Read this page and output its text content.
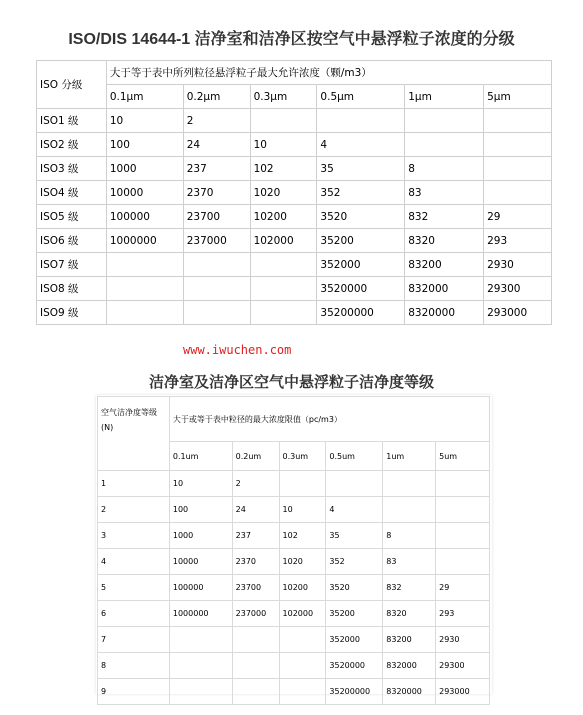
ISO/DIS 14644-1 洁净室和洁净区按空气中悬浮粒子浓度的分级
ISO 分级	大于等于表中所列粒径悬浮粒子最大允许浓度（颗/m3）					
	0.1μm	0.2μm	0.3μm	0.5μm	1μm	5μm
ISO1 级	10	2				
ISO2 级	100	24	10	4		
ISO3 级	1000	237	102	35	8	
ISO4 级	10000	2370	1020	352	83	
ISO5 级	100000	23700	10200	3520	832	29
ISO6 级	1000000	237000	102000	35200	8320	293
ISO7 级				352000	83200	2930
ISO8 级				3520000	832000	29300
ISO9 级				35200000	8320000	293000
www.iwuchen.com
洁净室及洁净区空气中悬浮粒子洁净度等级
空气洁净度等级
(N)	大于或等于表中粒径的最大浓度限值（pc/m3）					
	0.1um	0.2um	0.3um	0.5um	1um	5um
1	10	2				
2	100	24	10	4		
3	1000	237	102	35	8	
4	10000	2370	1020	352	83	
5	100000	23700	10200	3520	832	29
6	1000000	237000	102000	35200	8320	293
7				352000	83200	2930
8				3520000	832000	29300
9				35200000	8320000	293000
